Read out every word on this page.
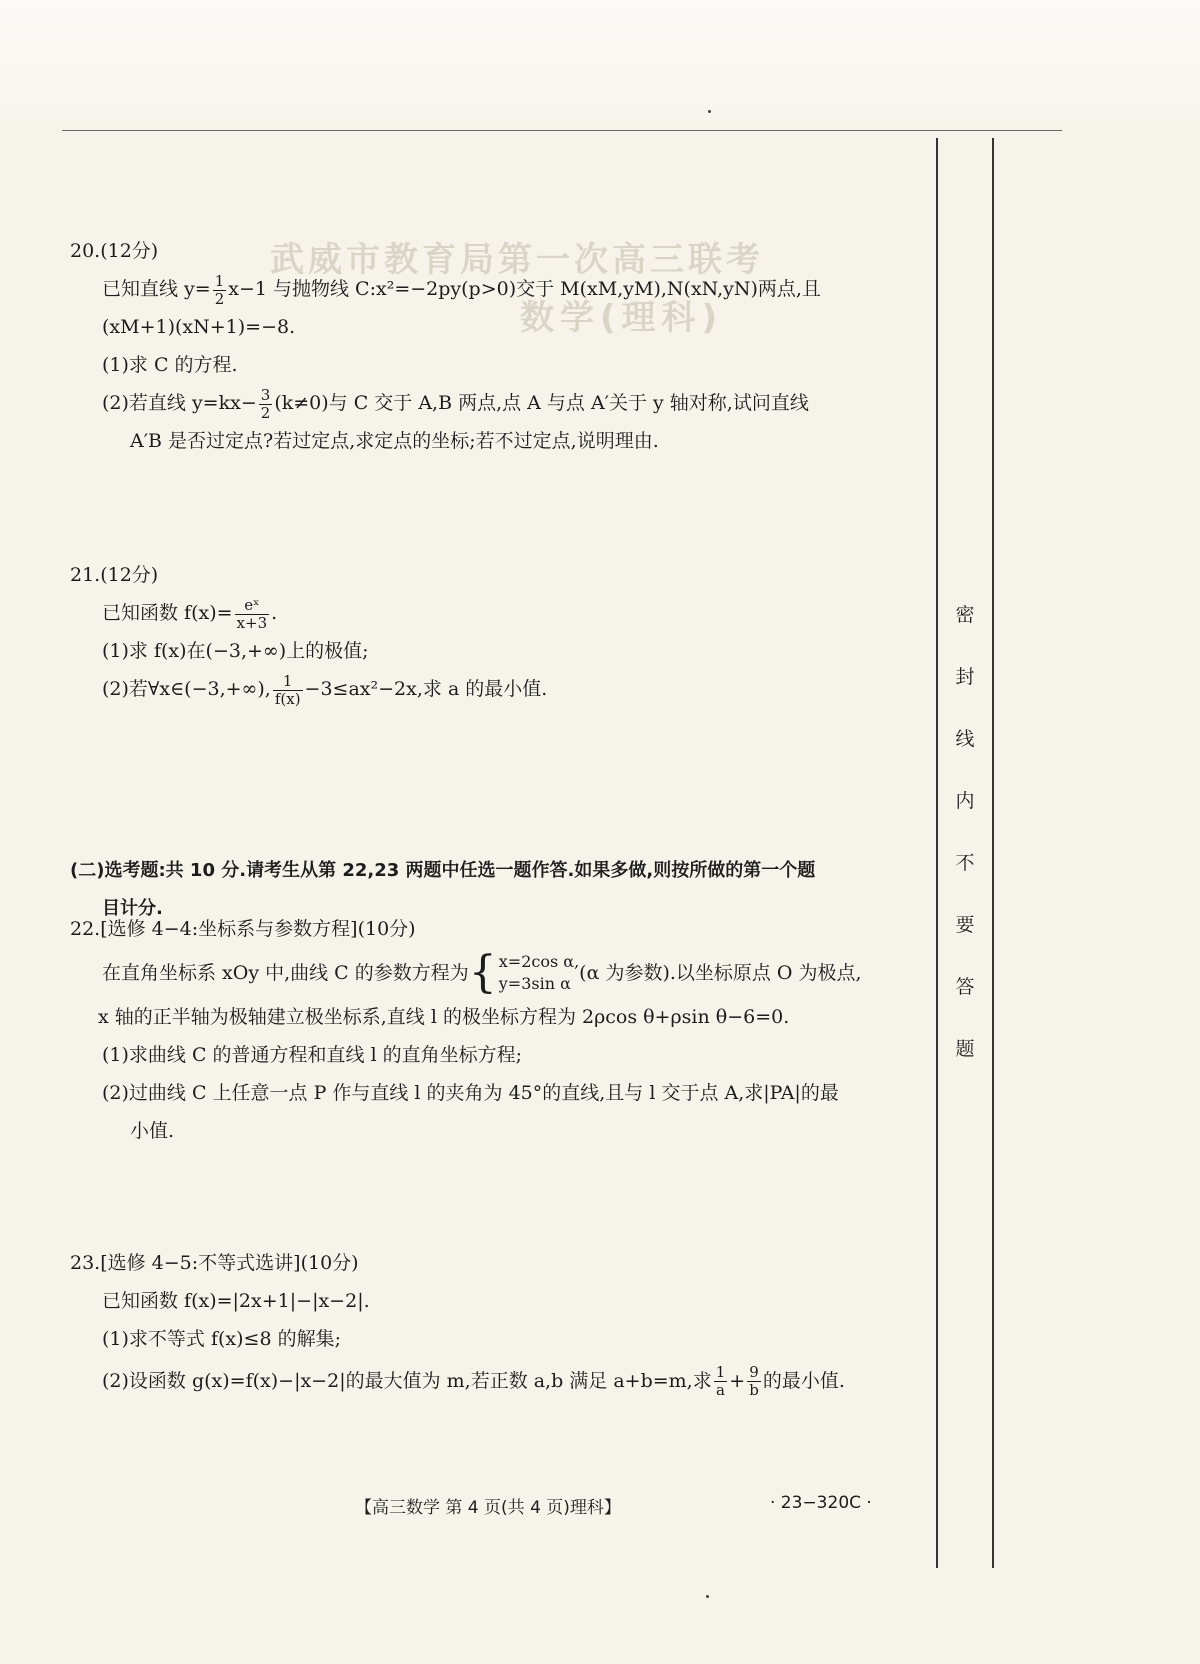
武威市教育局第一次高三联考
数学(理科)
20.(12分)
已知直线 $y= \frac{1}{2} x-1$ 与抛物线 C:x²=−2py(p>0)交于 M(xM,yM),N(xN,yN)两点,且
(xM+1)(xN+1)=−8.
(1)求 C 的方程.
(2)若直线 $y=kx- \frac{3}{2} (k\ne 0)$与 C 交于 A,B 两点,点 A 与点 A′关于 y 轴对称,试问直线
A′B 是否过定点?若过定点,求定点的坐标;若不过定点,说明理由.
21.(12分)
已知函数 $f(x)= \frac{\text{eˣ}}{x+3}$ .
(1)求 f(x)在(−3,+∞)上的极值;
(2)若∀x∈(−3,+∞), $\frac{1}{f(x)} -3\le ax^2-2x$,求 a 的最小值.
(二)选考题:共 10 分.请考生从第 22,23 两题中任选一题作答.如果多做,则按所做的第一个题
目计分.
22.[选修 4−4:坐标系与参数方程](10分)
在直角坐标系 xOy 中,曲线 C 的参数方程为 { x=2cos α,
y=3sin α (α 为参数).以坐标原点 O 为极点,
x 轴的正半轴为极轴建立极坐标系,直线 l 的极坐标方程为 2ρcos θ+ρsin θ−6=0.
(1)求曲线 C 的普通方程和直线 l 的直角坐标方程;
(2)过曲线 C 上任意一点 P 作与直线 l 的夹角为 45°的直线,且与 l 交于点 A,求|PA|的最
小值.
23.[选修 4−5:不等式选讲](10分)
已知函数 f(x)=|2x+1|−|x−2|.
(1)求不等式 f(x)≤8 的解集;
(2)设函数 g(x)=f(x)−|x−2|的最大值为 m,若正数 a,b 满足 a+b=m,求 $\frac{1}{a} + \frac{9}{b}$ 的最小值.
【高三数学 第 4 页(共 4 页)理科】	· 23−320C ·
密
封
线
内
不
要
答
题
